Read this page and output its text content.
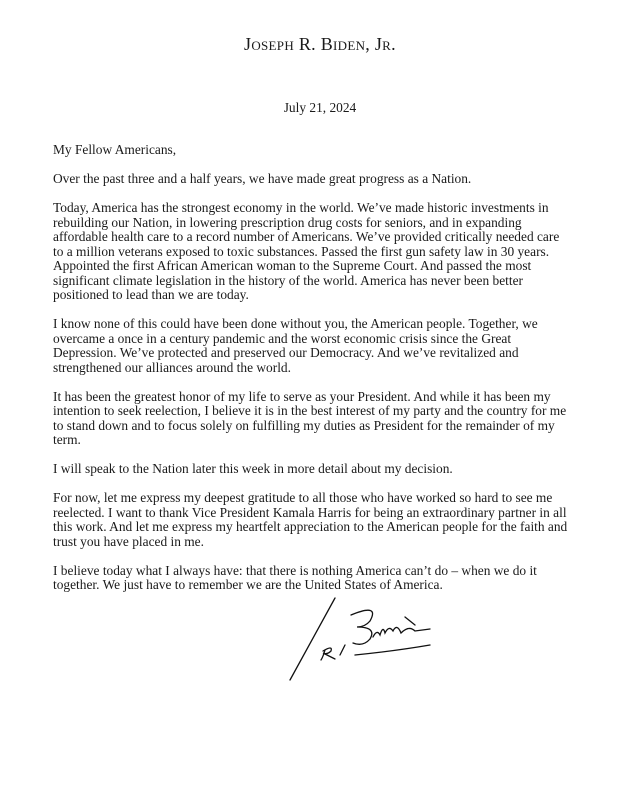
Joseph R. Biden, Jr.
July 21, 2024

My Fellow Americans,

Over the past three and a half years, we have made great progress as a Nation.

Today, America has the strongest economy in the world. We’ve made historic investments in
rebuilding our Nation, in lowering prescription drug costs for seniors, and in expanding
affordable health care to a record number of Americans. We’ve provided critically needed care
to a million veterans exposed to toxic substances. Passed the first gun safety law in 30 years.
Appointed the first African American woman to the Supreme Court. And passed the most
significant climate legislation in the history of the world. America has never been better
positioned to lead than we are today.

I know none of this could have been done without you, the American people. Together, we
overcame a once in a century pandemic and the worst economic crisis since the Great
Depression. We’ve protected and preserved our Democracy. And we’ve revitalized and
strengthened our alliances around the world.

It has been the greatest honor of my life to serve as your President. And while it has been my
intention to seek reelection, I believe it is in the best interest of my party and the country for me
to stand down and to focus solely on fulfilling my duties as President for the remainder of my
term.

I will speak to the Nation later this week in more detail about my decision.

For now, let me express my deepest gratitude to all those who have worked so hard to see me
reelected. I want to thank Vice President Kamala Harris for being an extraordinary partner in all
this work. And let me express my heartfelt appreciation to the American people for the faith and
trust you have placed in me.

I believe today what I always have: that there is nothing America can’t do – when we do it
together. We just have to remember we are the United States of America.
